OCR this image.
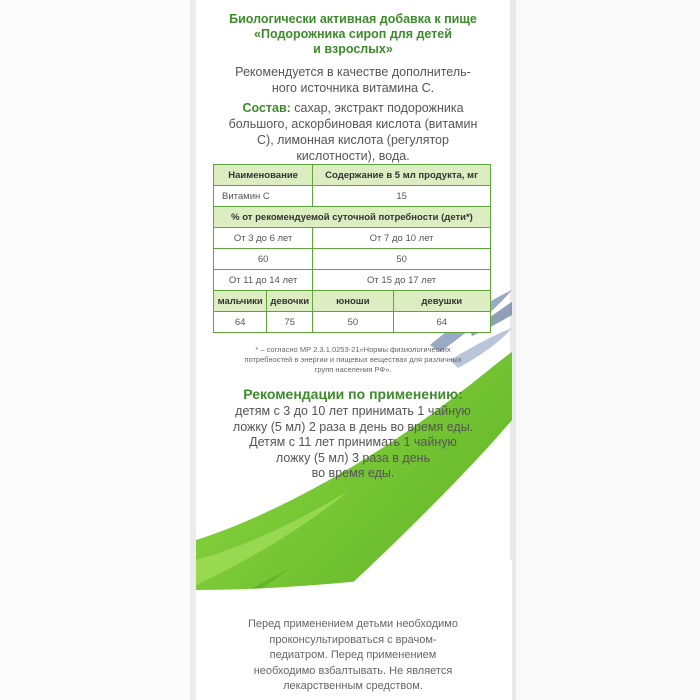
Биологически активная добавка к пище
«Подорожника сироп для детей
и взрослых»
Рекомендуется в качестве дополнитель-
ного источника витамина С.
Состав: сахар, экстракт подорожника
большого, аскорбиновая кислота (витамин
С), лимонная кислота (регулятор
кислотности), вода.
Наименование		Содержание в 5 мл продукта, мг	
Витамин С		15	
% от рекомендуемой суточной потребности (дети*)			
От 3 до 6 лет		От 7 до 10 лет	
60		50	
От 11 до 14 лет		От 15 до 17 лет	
мальчики	девочки	юноши	девушки
64	75	50	64
* – согласно МР 2.3.1.0253-21«Нормы физиологических
потребностей в энергии и пищевых веществах для различных
групп населения РФ».
Рекомендации по применению:
детям с 3 до 10 лет принимать 1 чайную
ложку (5 мл) 2 раза в день во время еды.
Детям с 11 лет принимать 1 чайную
ложку (5 мл) 3 раза в день
во время еды.
Перед применением детьми необходимо
проконсультироваться с врачом-
педиатром. Перед применением
необходимо взбалтывать. Не является
лекарственным средством.
